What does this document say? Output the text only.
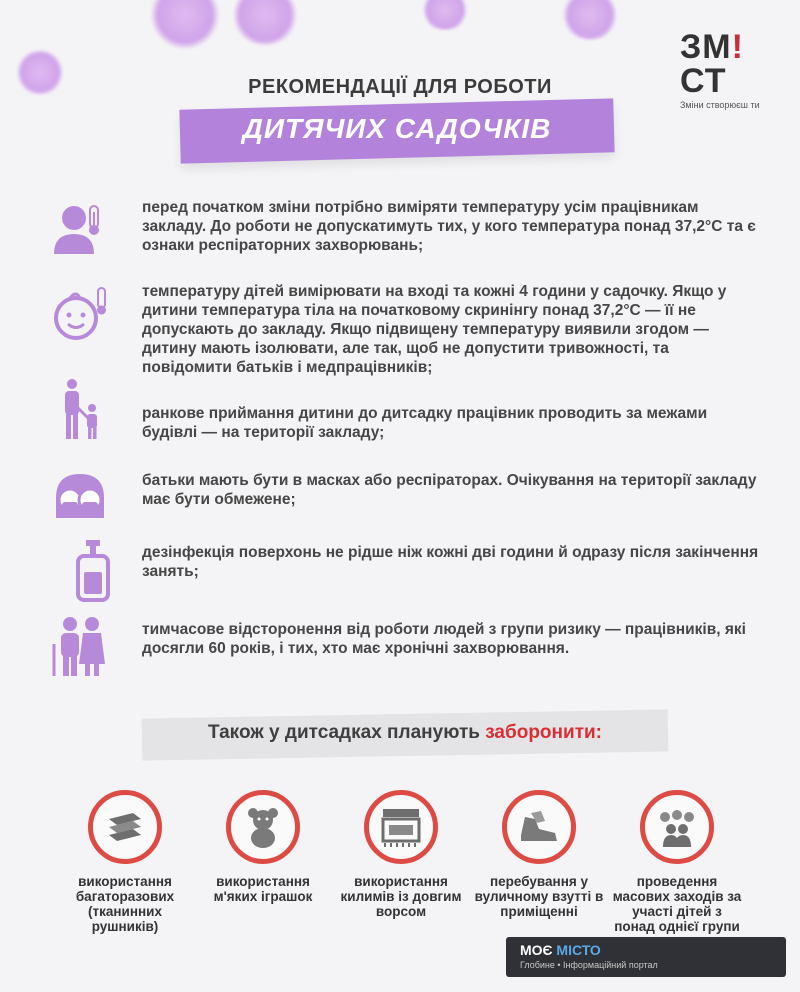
ЗМ!СТ
Зміни створюєш ти
РЕКОМЕНДАЦІЇ ДЛЯ РОБОТИ
ДИТЯЧИХ САДОЧКІВ
перед початком зміни потрібно виміряти температуру усім працівникам закладу. До роботи не допускатимуть тих, у кого температура понад 37,2°С та є ознаки респіраторних захворювань;
температуру дітей вимірювати на вході та кожні 4 години у садочку. Якщо у дитини температура тіла на початковому скринінгу понад 37,2°С — її не допускають до закладу. Якщо підвищену температуру виявили згодом — дитину мають ізолювати, але так, щоб не допустити тривожності, та повідомити батьків і медпрацівників;
ранкове приймання дитини до дитсадку працівник проводить за межами будівлі — на території закладу;
батьки мають бути в масках або респіраторах. Очікування на території закладу має бути обмежене;
дезінфекція поверхонь не рідше ніж кожні дві години й одразу після закінчення занять;
тимчасове відсторонення від роботи людей з групи ризику — працівників, які досягли 60 років, і тих, хто має хронічні захворювання.
Також у дитсадках планують заборонити:
використання багаторазових (тканинних рушників)
використання м'яких іграшок
використання килимів із довгим ворсом
перебування у вуличному взутті в приміщенні
проведення масових заходів за участі дітей з понад однієї групи
МОЄ МІСТО
Глобине • Інформаційний портал
